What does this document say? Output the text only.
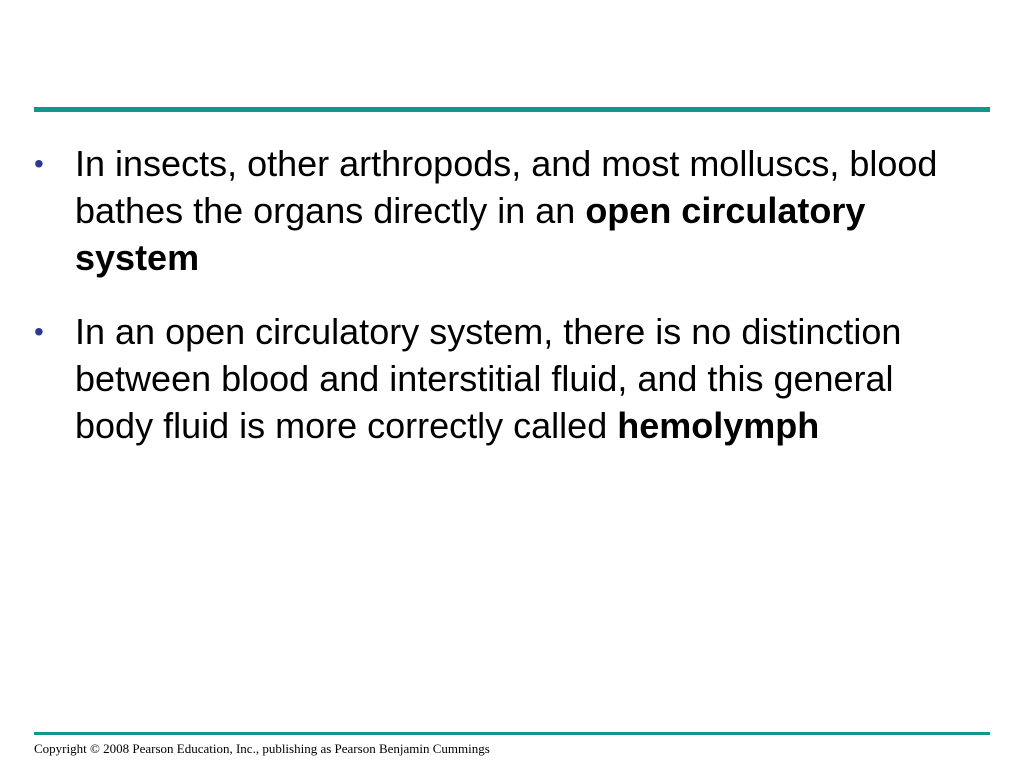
• In insects, other arthropods, and most molluscs, blood bathes the organs directly in an open circulatory system
• In an open circulatory system, there is no distinction between blood and interstitial fluid, and this general body fluid is more correctly called hemolymph
Copyright © 2008 Pearson Education, Inc., publishing as Pearson Benjamin Cummings
